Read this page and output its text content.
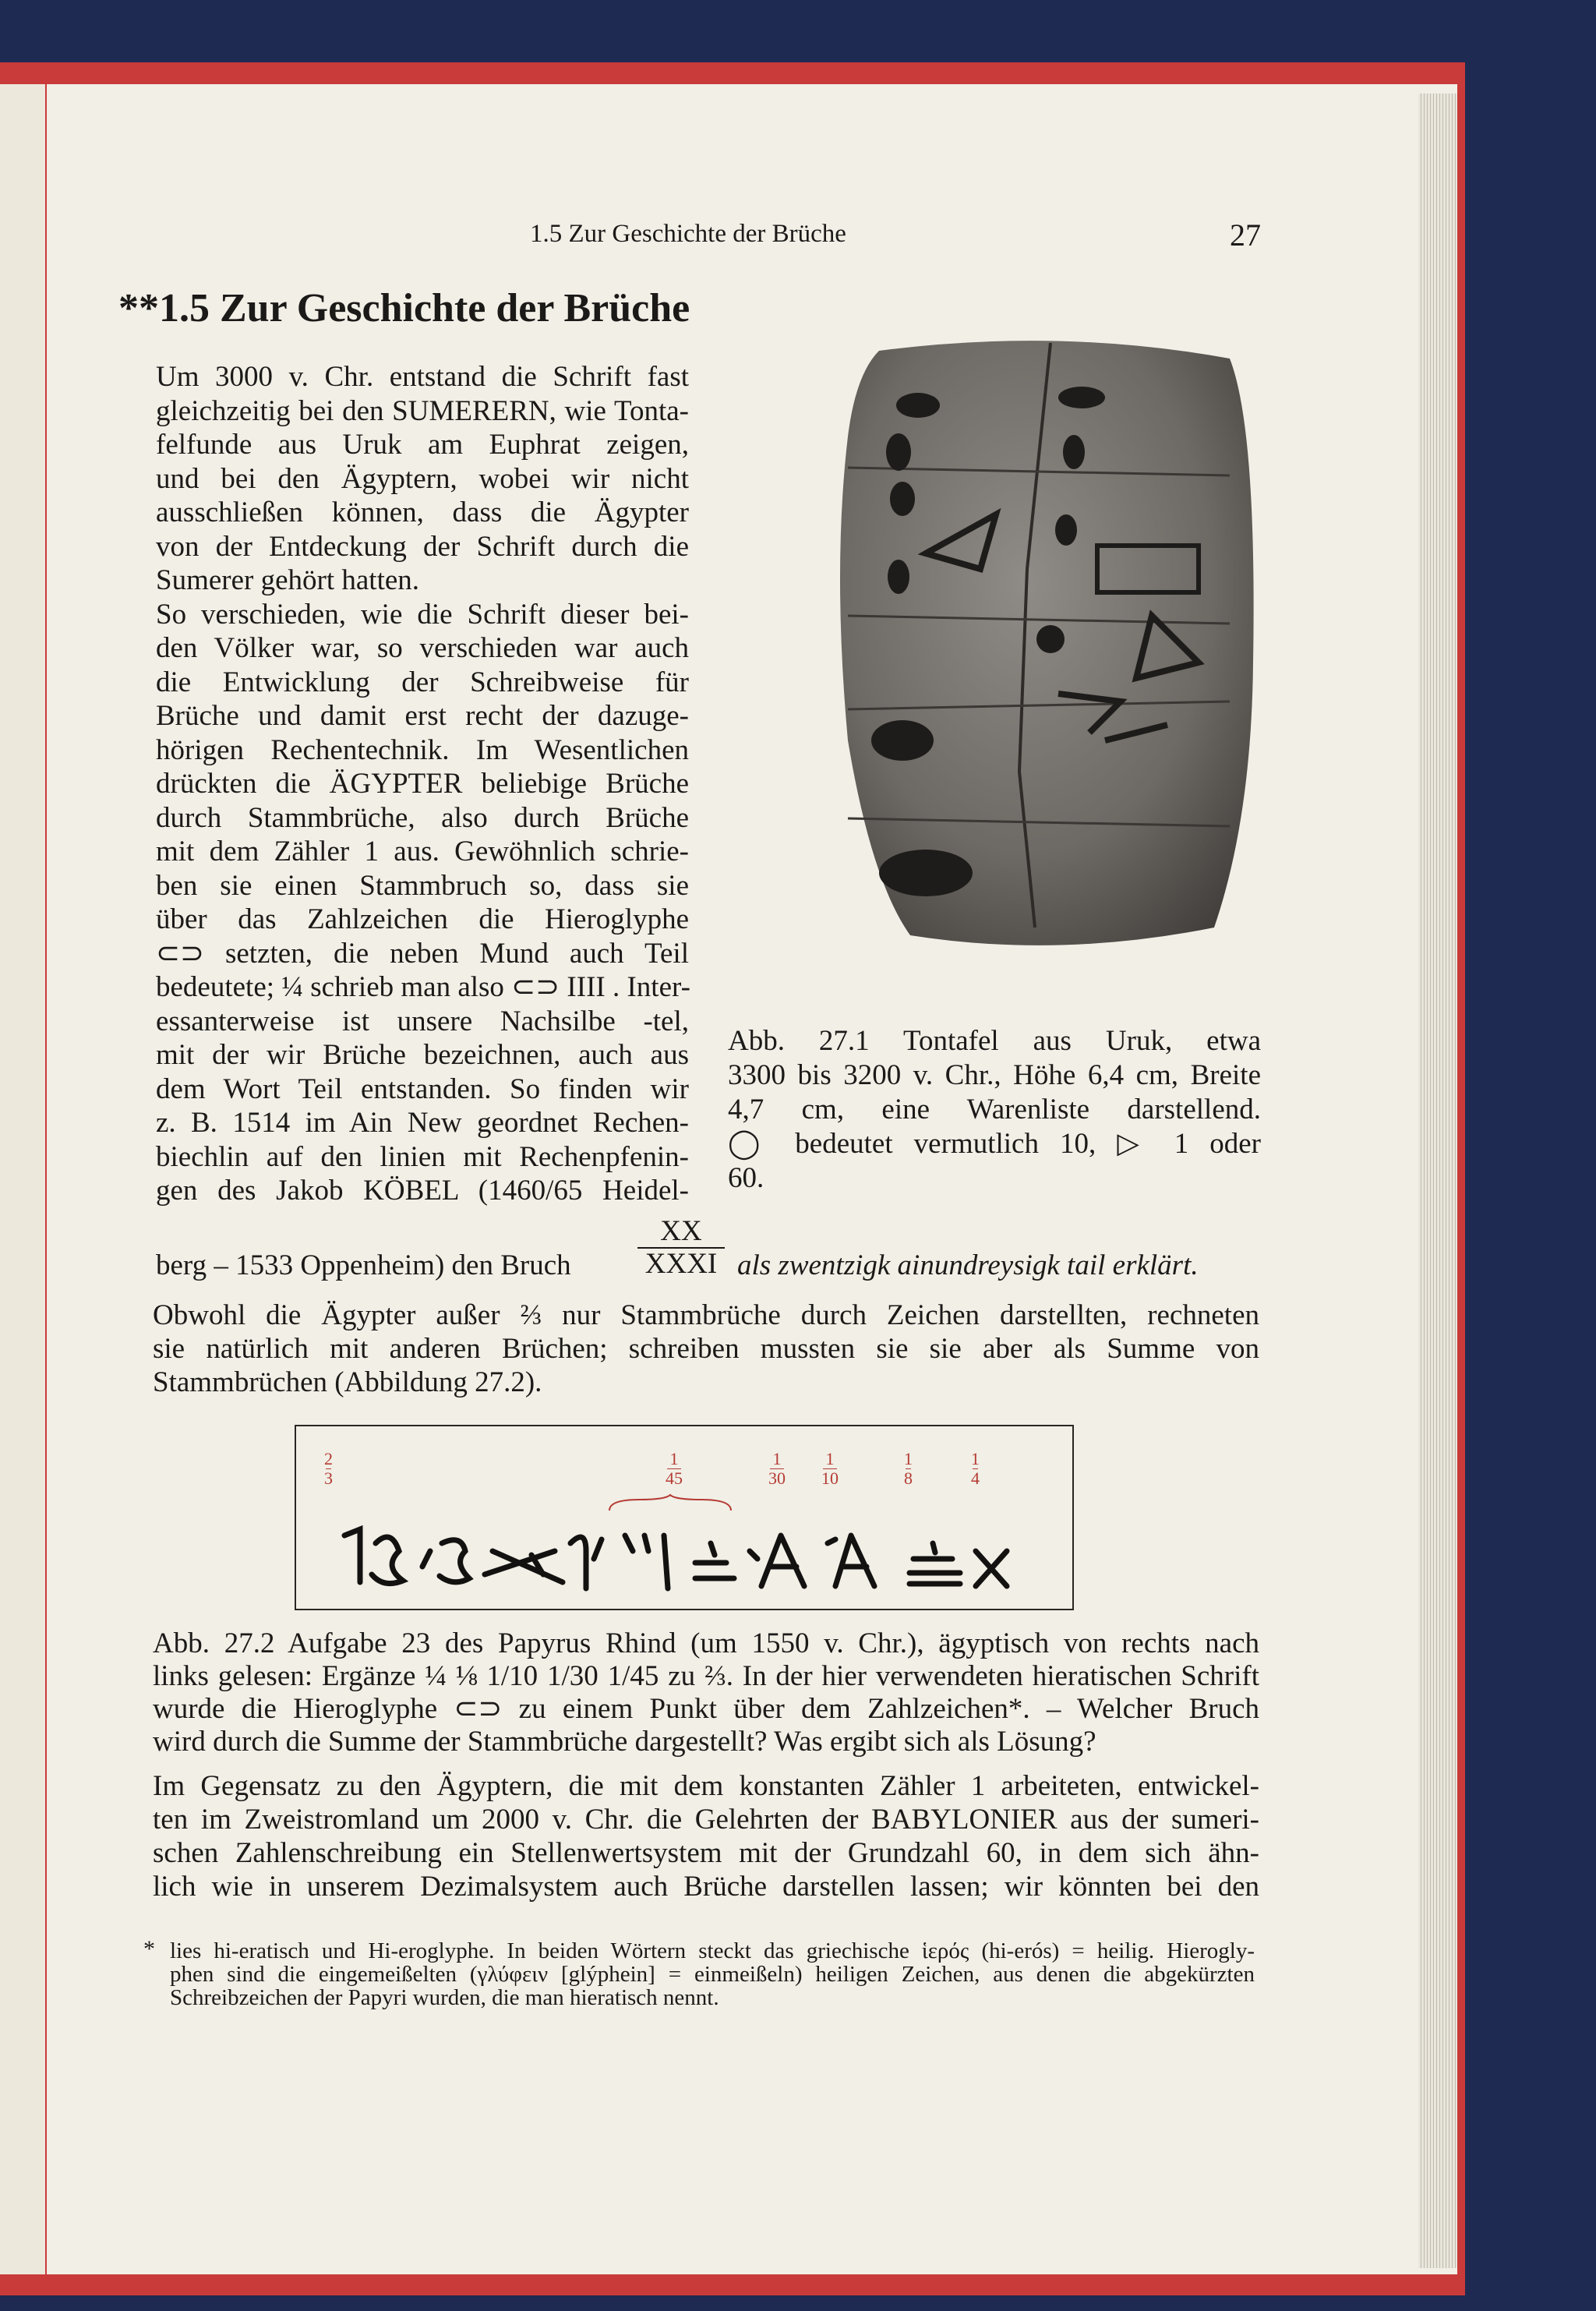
1.5 Zur Geschichte der Brüche	27
**1.5 Zur Geschichte der Brüche
Um 3000 v. Chr. entstand die Schrift fast
gleichzeitig bei den SUMERERN, wie Tonta-
felfunde aus Uruk am Euphrat zeigen,
und bei den Ägyptern, wobei wir nicht
ausschließen können, dass die Ägypter
von der Entdeckung der Schrift durch die
Sumerer gehört hatten.
So verschieden, wie die Schrift dieser bei-
den Völker war, so verschieden war auch
die Entwicklung der Schreibweise für
Brüche und damit erst recht der dazuge-
hörigen Rechentechnik. Im Wesentlichen
drückten die ÄGYPTER beliebige Brüche
durch Stammbrüche, also durch Brüche
mit dem Zähler 1 aus. Gewöhnlich schrie-
ben sie einen Stammbruch so, dass sie
über das Zahlzeichen die Hieroglyphe
⊂⊃ setzten, die neben Mund auch Teil
bedeutete; ¼ schrieb man also ⊂⊃ IIII . Inter-
essanterweise ist unsere Nachsilbe -tel,
mit der wir Brüche bezeichnen, auch aus
dem Wort Teil entstanden. So finden wir
z. B. 1514 im Ain New geordnet Rechen-
biechlin auf den linien mit Rechenpfenin-
gen des Jakob KÖBEL (1460/65 Heidel-
Abb. 27.1 Tontafel aus Uruk, etwa
3300 bis 3200 v. Chr., Höhe 6,4 cm, Breite
4,7 cm, eine Warenliste darstellend.
◯ bedeutet vermutlich 10, ▷ 1 oder
60.
berg – 1533 Oppenheim) den Bruch
XX
XXXI als zwentzigk ainundreysigk tail erklärt.
Obwohl die Ägypter außer ⅔ nur Stammbrüche durch Zeichen darstellten, rechneten
sie natürlich mit anderen Brüchen; schreiben mussten sie sie aber als Summe von
Stammbrüchen (Abbildung 27.2).
2
3
1
45
1
30
1
10
1
8
1
4
Abb. 27.2 Aufgabe 23 des Papyrus Rhind (um 1550 v. Chr.), ägyptisch von rechts nach
links gelesen: Ergänze ¼ ⅛ 1/10 1/30 1/45 zu ⅔. In der hier verwendeten hieratischen Schrift
wurde die Hieroglyphe ⊂⊃ zu einem Punkt über dem Zahlzeichen*. – Welcher Bruch
wird durch die Summe der Stammbrüche dargestellt? Was ergibt sich als Lösung?
Im Gegensatz zu den Ägyptern, die mit dem konstanten Zähler 1 arbeiteten, entwickel-
ten im Zweistromland um 2000 v. Chr. die Gelehrten der BABYLONIER aus der sumeri-
schen Zahlenschreibung ein Stellenwertsystem mit der Grundzahl 60, in dem sich ähn-
lich wie in unserem Dezimalsystem auch Brüche darstellen lassen; wir könnten bei den
* lies hi-eratisch und Hi-eroglyphe. In beiden Wörtern steckt das griechische ἱερός (hi-erós) = heilig. Hierogly-
phen sind die eingemeißelten (γλύφειν [glýphein] = einmeißeln) heiligen Zeichen, aus denen die abgekürzten
Schreibzeichen der Papyri wurden, die man hieratisch nennt.
